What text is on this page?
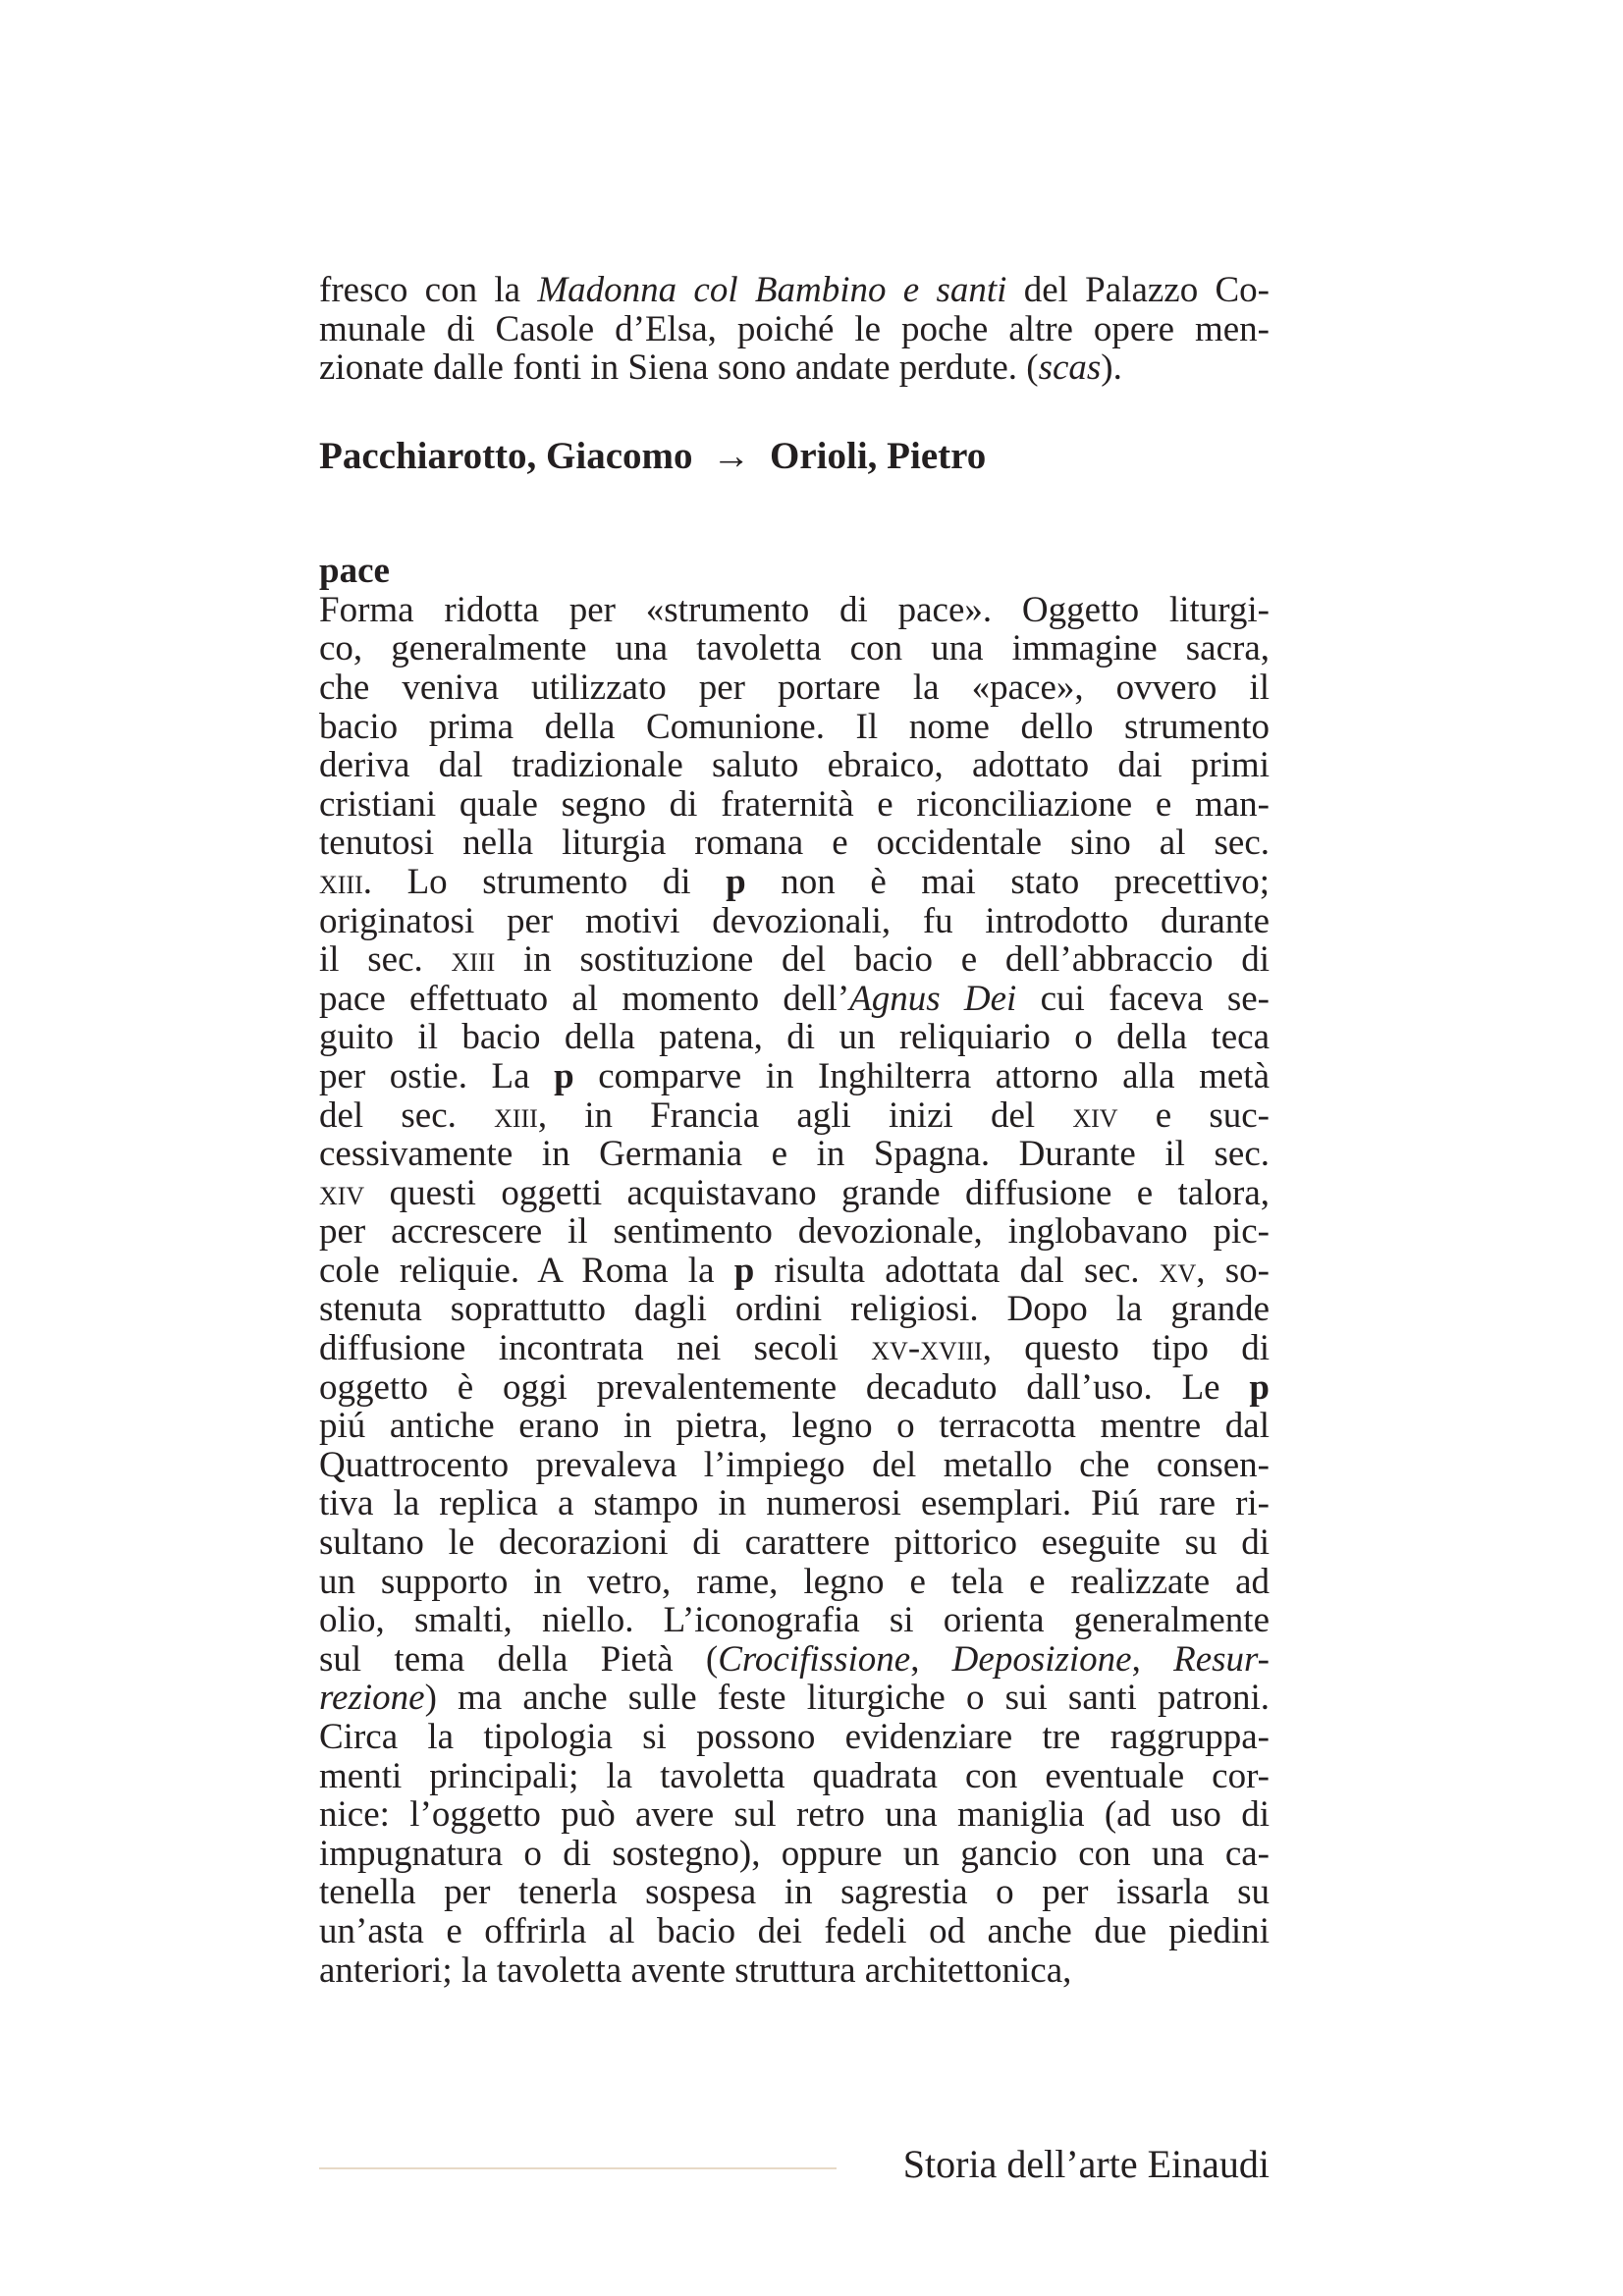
fresco con la Madonna col Bambino e santi del Palazzo Co-
munale di Casole d’Elsa, poiché le poche altre opere men-
zionate dalle fonti in Siena sono andate perdute. (scas).
Pacchiarotto, Giacomo → Orioli, Pietro
pace
Forma ridotta per «strumento di pace». Oggetto liturgi-
co, generalmente una tavoletta con una immagine sacra,
che veniva utilizzato per portare la «pace», ovvero il
bacio prima della Comunione. Il nome dello strumento
deriva dal tradizionale saluto ebraico, adottato dai primi
cristiani quale segno di fraternità e riconciliazione e man-
tenutosi nella liturgia romana e occidentale sino al sec.
xiii. Lo strumento di p non è mai stato precettivo;
originatosi per motivi devozionali, fu introdotto durante
il sec. xiii in sostituzione del bacio e dell’abbraccio di
pace effettuato al momento dell’Agnus Dei cui faceva se-
guito il bacio della patena, di un reliquiario o della teca
per ostie. La p comparve in Inghilterra attorno alla metà
del sec. xiii, in Francia agli inizi del xiv e suc-
cessivamente in Germania e in Spagna. Durante il sec.
xiv questi oggetti acquistavano grande diffusione e talora,
per accrescere il sentimento devozionale, inglobavano pic-
cole reliquie. A Roma la p risulta adottata dal sec. xv, so-
stenuta soprattutto dagli ordini religiosi. Dopo la grande
diffusione incontrata nei secoli xv-xviii, questo tipo di
oggetto è oggi prevalentemente decaduto dall’uso. Le p
piú antiche erano in pietra, legno o terracotta mentre dal
Quattrocento prevaleva l’impiego del metallo che consen-
tiva la replica a stampo in numerosi esemplari. Piú rare ri-
sultano le decorazioni di carattere pittorico eseguite su di
un supporto in vetro, rame, legno e tela e realizzate ad
olio, smalti, niello. L’iconografia si orienta generalmente
sul tema della Pietà (Crocifissione, Deposizione, Resur-
rezione) ma anche sulle feste liturgiche o sui santi patroni.
Circa la tipologia si possono evidenziare tre raggruppa-
menti principali; la tavoletta quadrata con eventuale cor-
nice: l’oggetto può avere sul retro una maniglia (ad uso di
impugnatura o di sostegno), oppure un gancio con una ca-
tenella per tenerla sospesa in sagrestia o per issarla su
un’asta e offrirla al bacio dei fedeli od anche due piedini
anteriori; la tavoletta avente struttura architettonica,
Storia dell’arte Einaudi
